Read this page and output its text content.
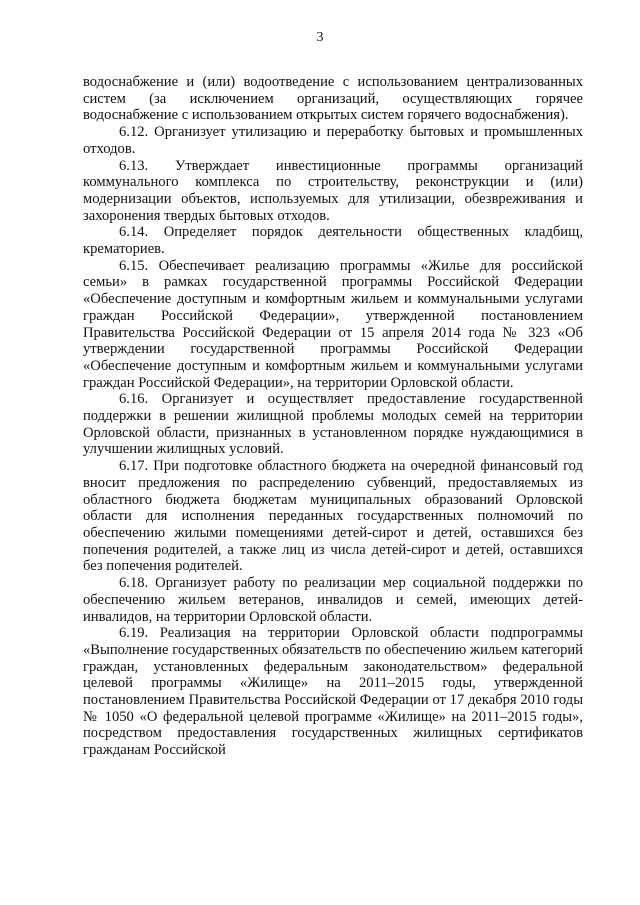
3

водоснабжение и (или) водоотведение с использованием централизованных систем (за исключением организаций, осуществляющих горячее водоснабжение с использованием открытых систем горячего водоснабжения).

6.12. Организует утилизацию и переработку бытовых и промышленных отходов.

6.13. Утверждает инвестиционные программы организаций коммунального комплекса по строительству, реконструкции и (или) модернизации объектов, используемых для утилизации, обезвреживания и захоронения твердых бытовых отходов.

6.14. Определяет порядок деятельности общественных кладбищ, крематориев.

6.15. Обеспечивает реализацию программы «Жилье для российской семьи» в рамках государственной программы Российской Федерации «Обеспечение доступным и комфортным жильем и коммунальными услугами граждан Российской Федерации», утвержденной постановлением Правительства Российской Федерации от 15 апреля 2014 года № 323 «Об утверждении государственной программы Российской Федерации «Обеспечение доступным и комфортным жильем и коммунальными услугами граждан Российской Федерации», на территории Орловской области.

6.16. Организует и осуществляет предоставление государственной поддержки в решении жилищной проблемы молодых семей на территории Орловской области, признанных в установленном порядке нуждающимися в улучшении жилищных условий.

6.17. При подготовке областного бюджета на очередной финансовый год вносит предложения по распределению субвенций, предоставляемых из областного бюджета бюджетам муниципальных образований Орловской области для исполнения переданных государственных полномочий по обеспечению жилыми помещениями детей-сирот и детей, оставшихся без попечения родителей, а также лиц из числа детей-сирот и детей, оставшихся без попечения родителей.

6.18. Организует работу по реализации мер социальной поддержки по обеспечению жильем ветеранов, инвалидов и семей, имеющих детей-инвалидов, на территории Орловской области.

6.19. Реализация на территории Орловской области подпрограммы «Выполнение государственных обязательств по обеспечению жильем категорий граждан, установленных федеральным законодательством» федеральной целевой программы «Жилище» на 2011–2015 годы, утвержденной постановлением Правительства Российской Федерации от 17 декабря 2010 годы № 1050 «О федеральной целевой программе «Жилище» на 2011–2015 годы», посредством предоставления государственных жилищных сертификатов гражданам Российской
